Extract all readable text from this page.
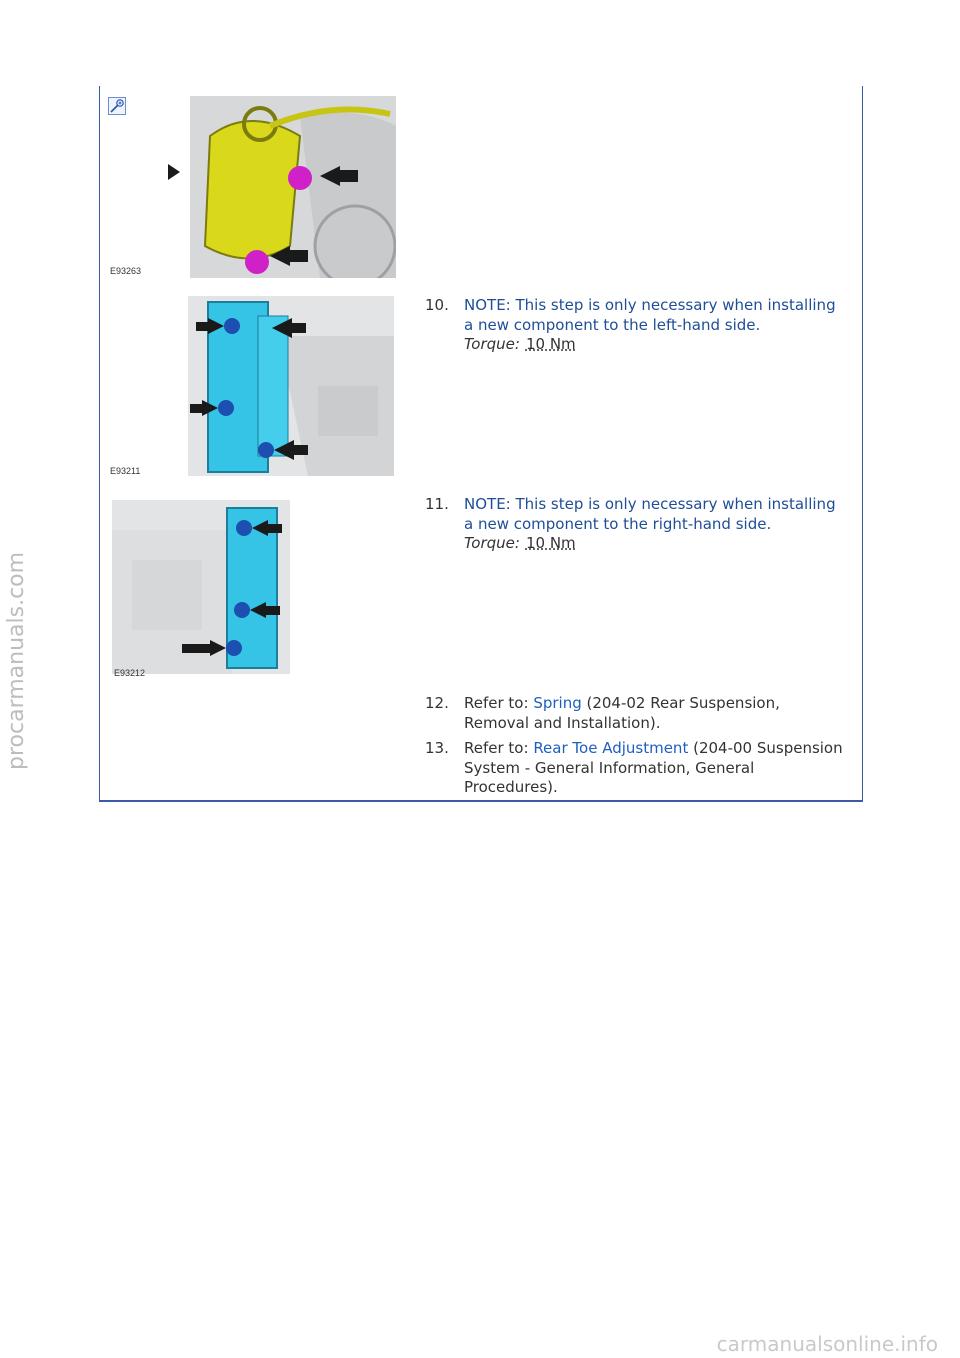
E93263
E93211
E93212
10. NOTE: This step is only necessary when installing a new component to the left-hand side.
Torque: 10 Nm
11. NOTE: This step is only necessary when installing a new component to the right-hand side.
Torque: 10 Nm
12. Refer to: Spring (204-02 Rear Suspension, Removal and Installation).
13. Refer to: Rear Toe Adjustment (204-00 Suspension System - General Information, General Procedures).
procarmanuals.com
carmanualsonline.info
